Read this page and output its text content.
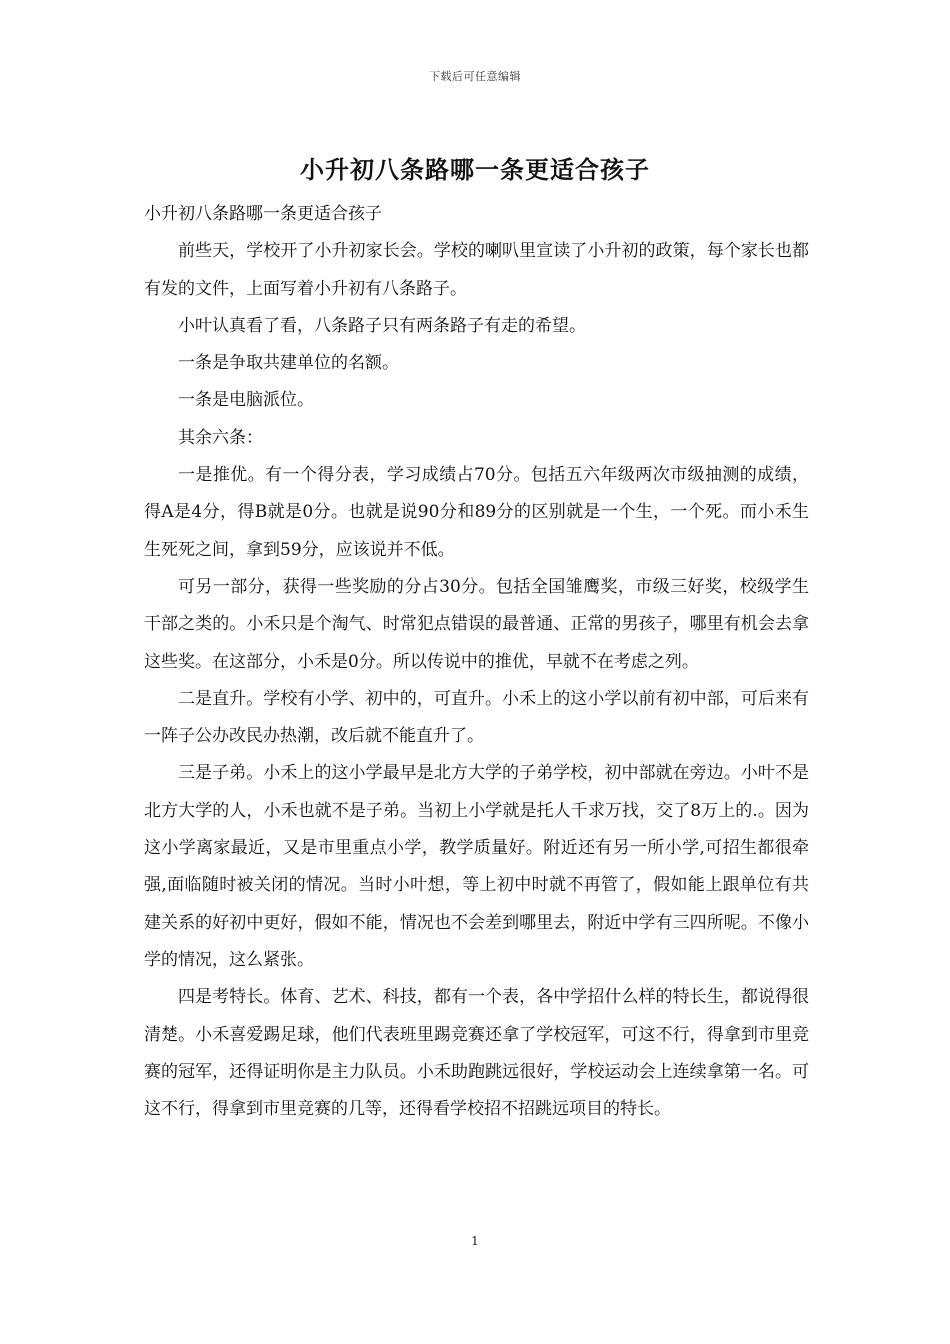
下载后可任意编辑
小升初八条路哪一条更适合孩子

小升初八条路哪一条更适合孩子

前些天，学校开了小升初家长会。学校的喇叭里宣读了小升初的政策，每个家长也都有发的文件，上面写着小升初有八条路子。

小叶认真看了看，八条路子只有两条路子有走的希望。

一条是争取共建单位的名额。

一条是电脑派位。

其余六条：

一是推优。有一个得分表，学习成绩占70分。包括五六年级两次市级抽测的成绩，得A是4分，得B就是0分。也就是说90分和89分的区别就是一个生，一个死。而小禾生生死死之间，拿到59分，应该说并不低。

可另一部分，获得一些奖励的分占30分。包括全国雏鹰奖，市级三好奖，校级学生干部之类的。小禾只是个淘气、时常犯点错误的最普通、正常的男孩子，哪里有机会去拿这些奖。在这部分，小禾是0分。所以传说中的推优，早就不在考虑之列。

二是直升。学校有小学、初中的，可直升。小禾上的这小学以前有初中部，可后来有一阵子公办改民办热潮，改后就不能直升了。

三是子弟。小禾上的这小学最早是北方大学的子弟学校，初中部就在旁边。小叶不是北方大学的人，小禾也就不是子弟。当初上小学就是托人千求万找，交了8万上的.。因为这小学离家最近，又是市里重点小学，教学质量好。附近还有另一所小学,可招生都很牵强,面临随时被关闭的情况。当时小叶想，等上初中时就不再管了，假如能上跟单位有共建关系的好初中更好，假如不能，情况也不会差到哪里去，附近中学有三四所呢。不像小学的情况，这么紧张。

四是考特长。体育、艺术、科技，都有一个表，各中学招什么样的特长生，都说得很清楚。小禾喜爱踢足球，他们代表班里踢竞赛还拿了学校冠军，可这不行，得拿到市里竞赛的冠军，还得证明你是主力队员。小禾助跑跳远很好，学校运动会上连续拿第一名。可这不行，得拿到市里竞赛的几等，还得看学校招不招跳远项目的特长。

1
